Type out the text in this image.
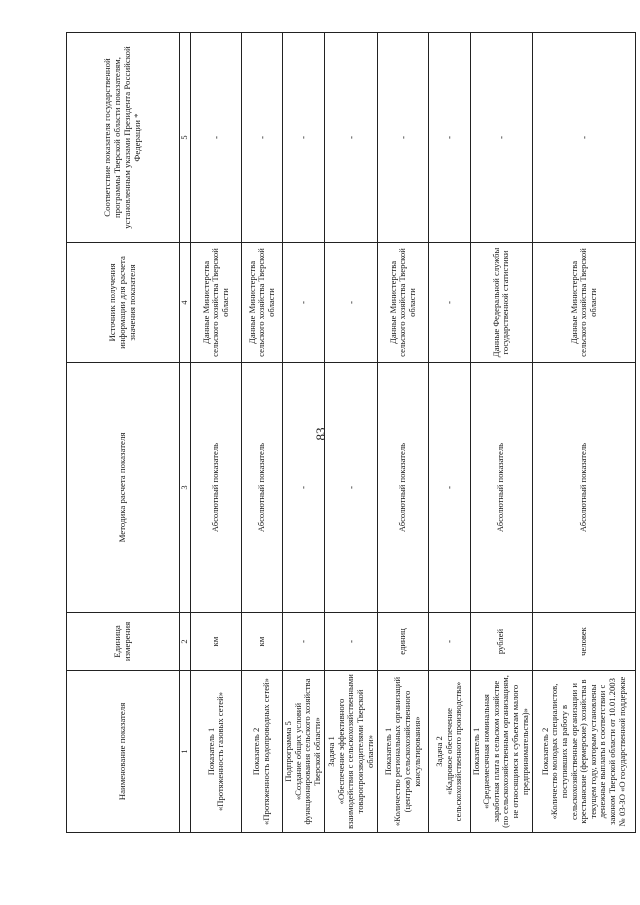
83
Наименование показателя	Единица измерения	Методика расчета показателя	Источник получения информации для расчета значения показателя	Соответствие показателя государственной программы Тверской области показателям, установленным указами Президента Российской Федерации *
1	2	3	4	5

Показатель 1 «Протяженность газовых сетей»	км	Абсолютный показатель	Данные Министерства сельского хозяйства Тверской области	-

Показатель 2 «Протяженность водопроводных сетей»	км	Абсолютный показатель	Данные Министерства сельского хозяйства Тверской области	-

Подпрограмма 5 «Создание общих условий функционирования сельского хозяйства Тверской области»	-	-	-	-

Задача 1 «Обеспечение эффективного взаимодействия с сельскохозяйственными товаропроизводителями Тверской области»	-	-	-	-

Показатель 1 «Количество региональных организаций (центров) сельскохозяйственного консультирования»	единиц	Абсолютный показатель	Данные Министерства сельского хозяйства Тверской области	-

Задача 2 «Кадровое обеспечение сельскохозяйственного производства»	-	-	-	-

Показатель 1 «Среднемесячная номинальная заработная плата в сельском хозяйстве (по сельскохозяйственным организациям, не относящимся к субъектам малого предпринимательства)»	рублей	Абсолютный показатель	Данные Федеральной службы государственной статистики	-

Показатель 2 «Количество молодых специалистов, поступивших на работу в сельскохозяйственные организации и крестьянские (фермерские) хозяйства в текущем году, которым установлены денежные выплаты в соответствии с законом Тверской области от 10.01.2003 № 03-ЗО «О государственной поддержке	человек	Абсолютный показатель	Данные Министерства сельского хозяйства Тверской области	-
